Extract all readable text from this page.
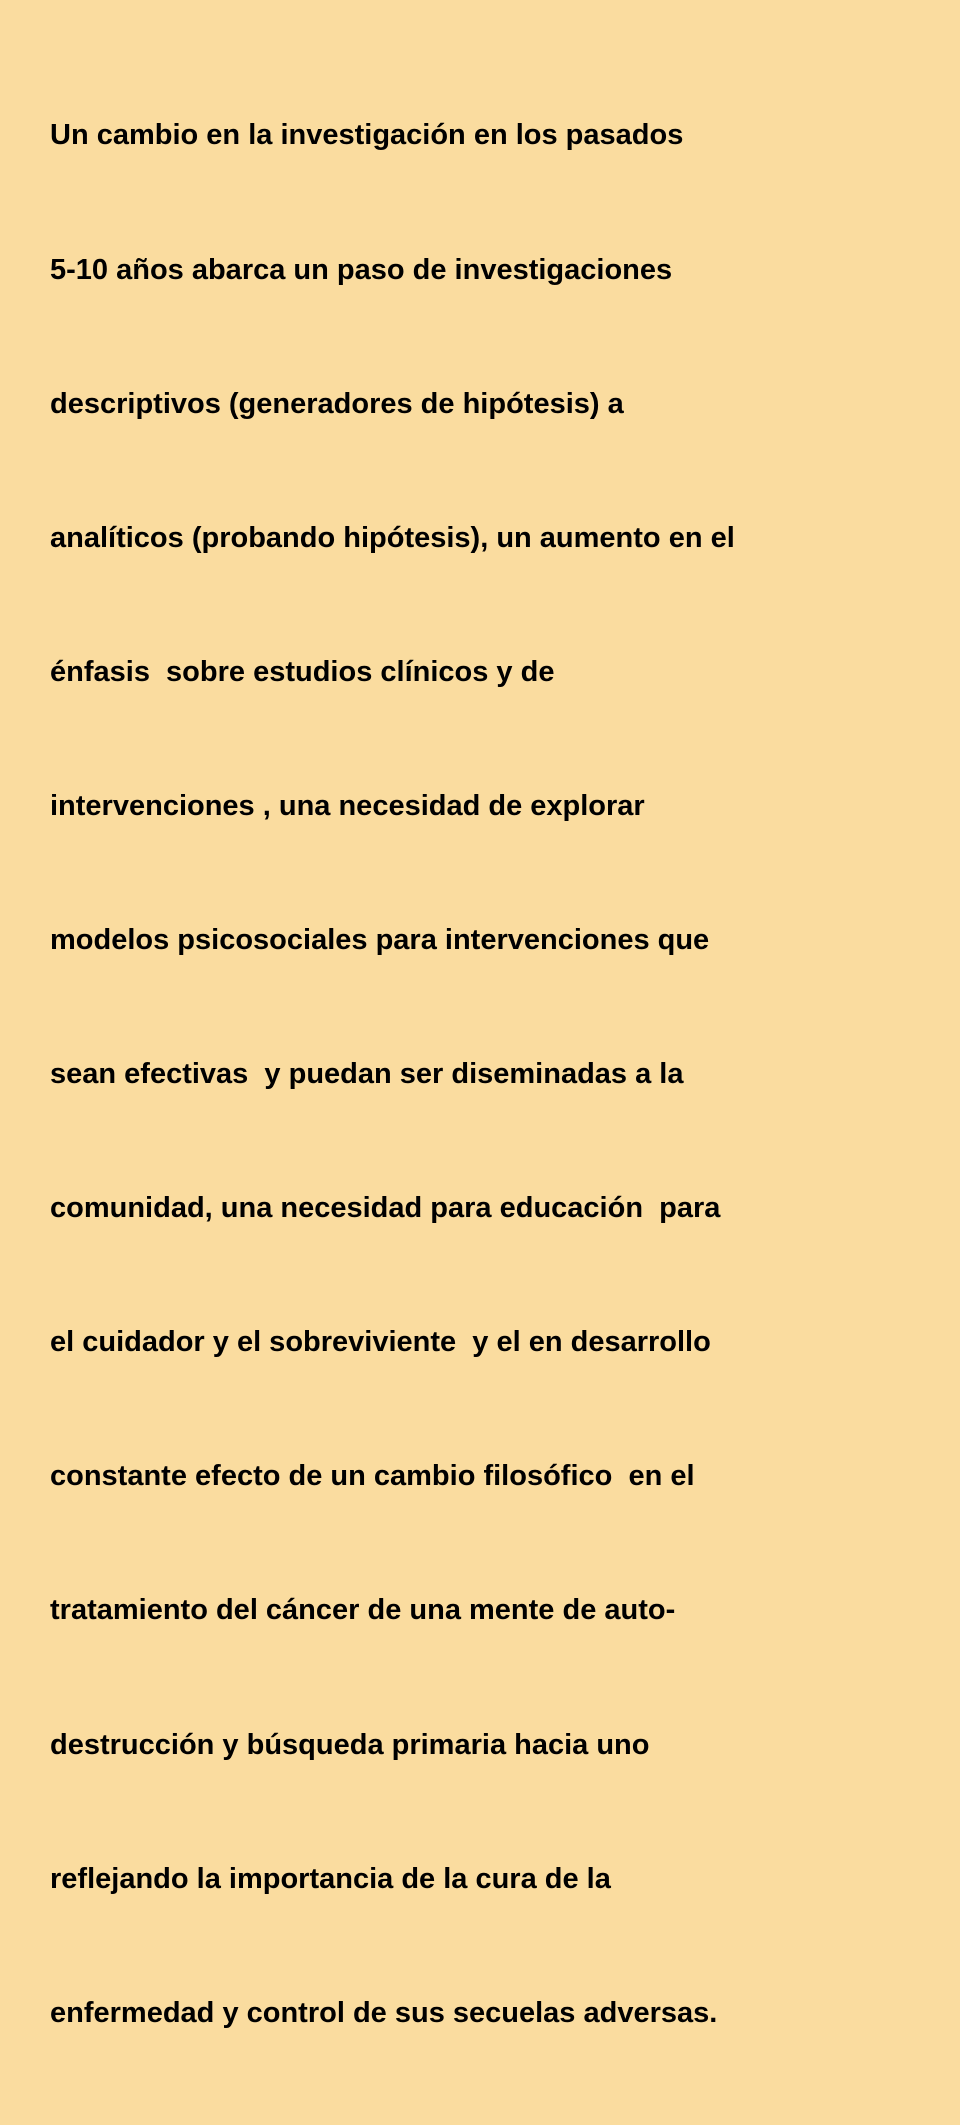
Un cambio en la investigación en los pasados

5-10 años abarca un paso de investigaciones

descriptivos (generadores de hipótesis) a

analíticos (probando hipótesis), un aumento en el

énfasis  sobre estudios clínicos y de

intervenciones , una necesidad de explorar

modelos psicosociales para intervenciones que

sean efectivas  y puedan ser diseminadas a la

comunidad, una necesidad para educación  para

el cuidador y el sobreviviente  y el en desarrollo

constante efecto de un cambio filosófico  en el

tratamiento del cáncer de una mente de auto-

destrucción y búsqueda primaria hacia uno

reflejando la importancia de la cura de la

enfermedad y control de sus secuelas adversas.
